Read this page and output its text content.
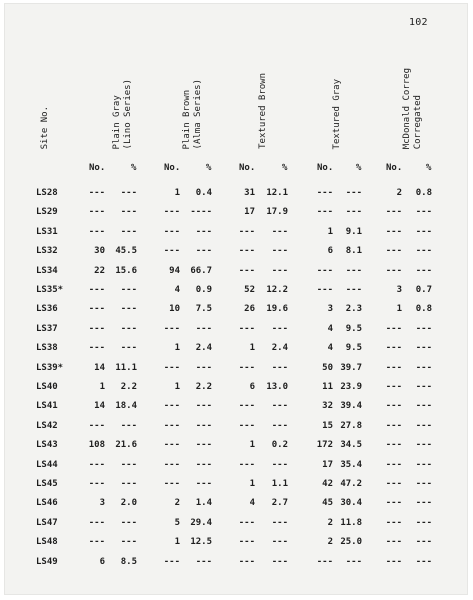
102
Site No.	Plain Gray
(Lino Series)
Plain Brown
(Alma Series)	Textured Brown	Textured Gray	McDonald Correg
Corregated
No.	%	No.	%	No.	%	No.	%	No.	%
LS28	---	---	1	0.4	31	12.1	---	---	2	0.8
LS29	---	---	---	----	17	17.9	---	---	---	---
LS31	---	---	---	---	---	---	1	9.1	---	---
LS32	30	45.5	---	---	---	---	6	8.1	---	---
LS34	22	15.6	94	66.7	---	---	---	---	---	---
LS35*	---	---	4	0.9	52	12.2	---	---	3	0.7
LS36	---	---	10	7.5	26	19.6	3	2.3	1	0.8
LS37	---	---	---	---	---	---	4	9.5	---	---
LS38	---	---	1	2.4	1	2.4	4	9.5	---	---
LS39*	14	11.1	---	---	---	---	50 39.7	---	---
LS40	1	2.2	1	2.2	6	13.0	11 23.9	---	---
LS41	14	18.4	---	---	---	---	32 39.4	---	---
LS42	---	---	---	---	---	---	15 27.8	---	---
LS43	108	21.6	---	---	1	0.2	172 34.5	---	---
LS44	---	---	---	---	---	---	17 35.4	---	---
LS45	---	---	---	---	1	1.1	42 47.2	---	---
LS46	3	2.0	2	1.4	4	2.7	45 30.4	---	---
LS47	---	---	5	29.4	---	---	2 11.8	---	---
LS48	---	---	1	12.5	---	---	2 25.0	---	---
LS49	6	8.5	---	---	---	---	---	---	---	---
